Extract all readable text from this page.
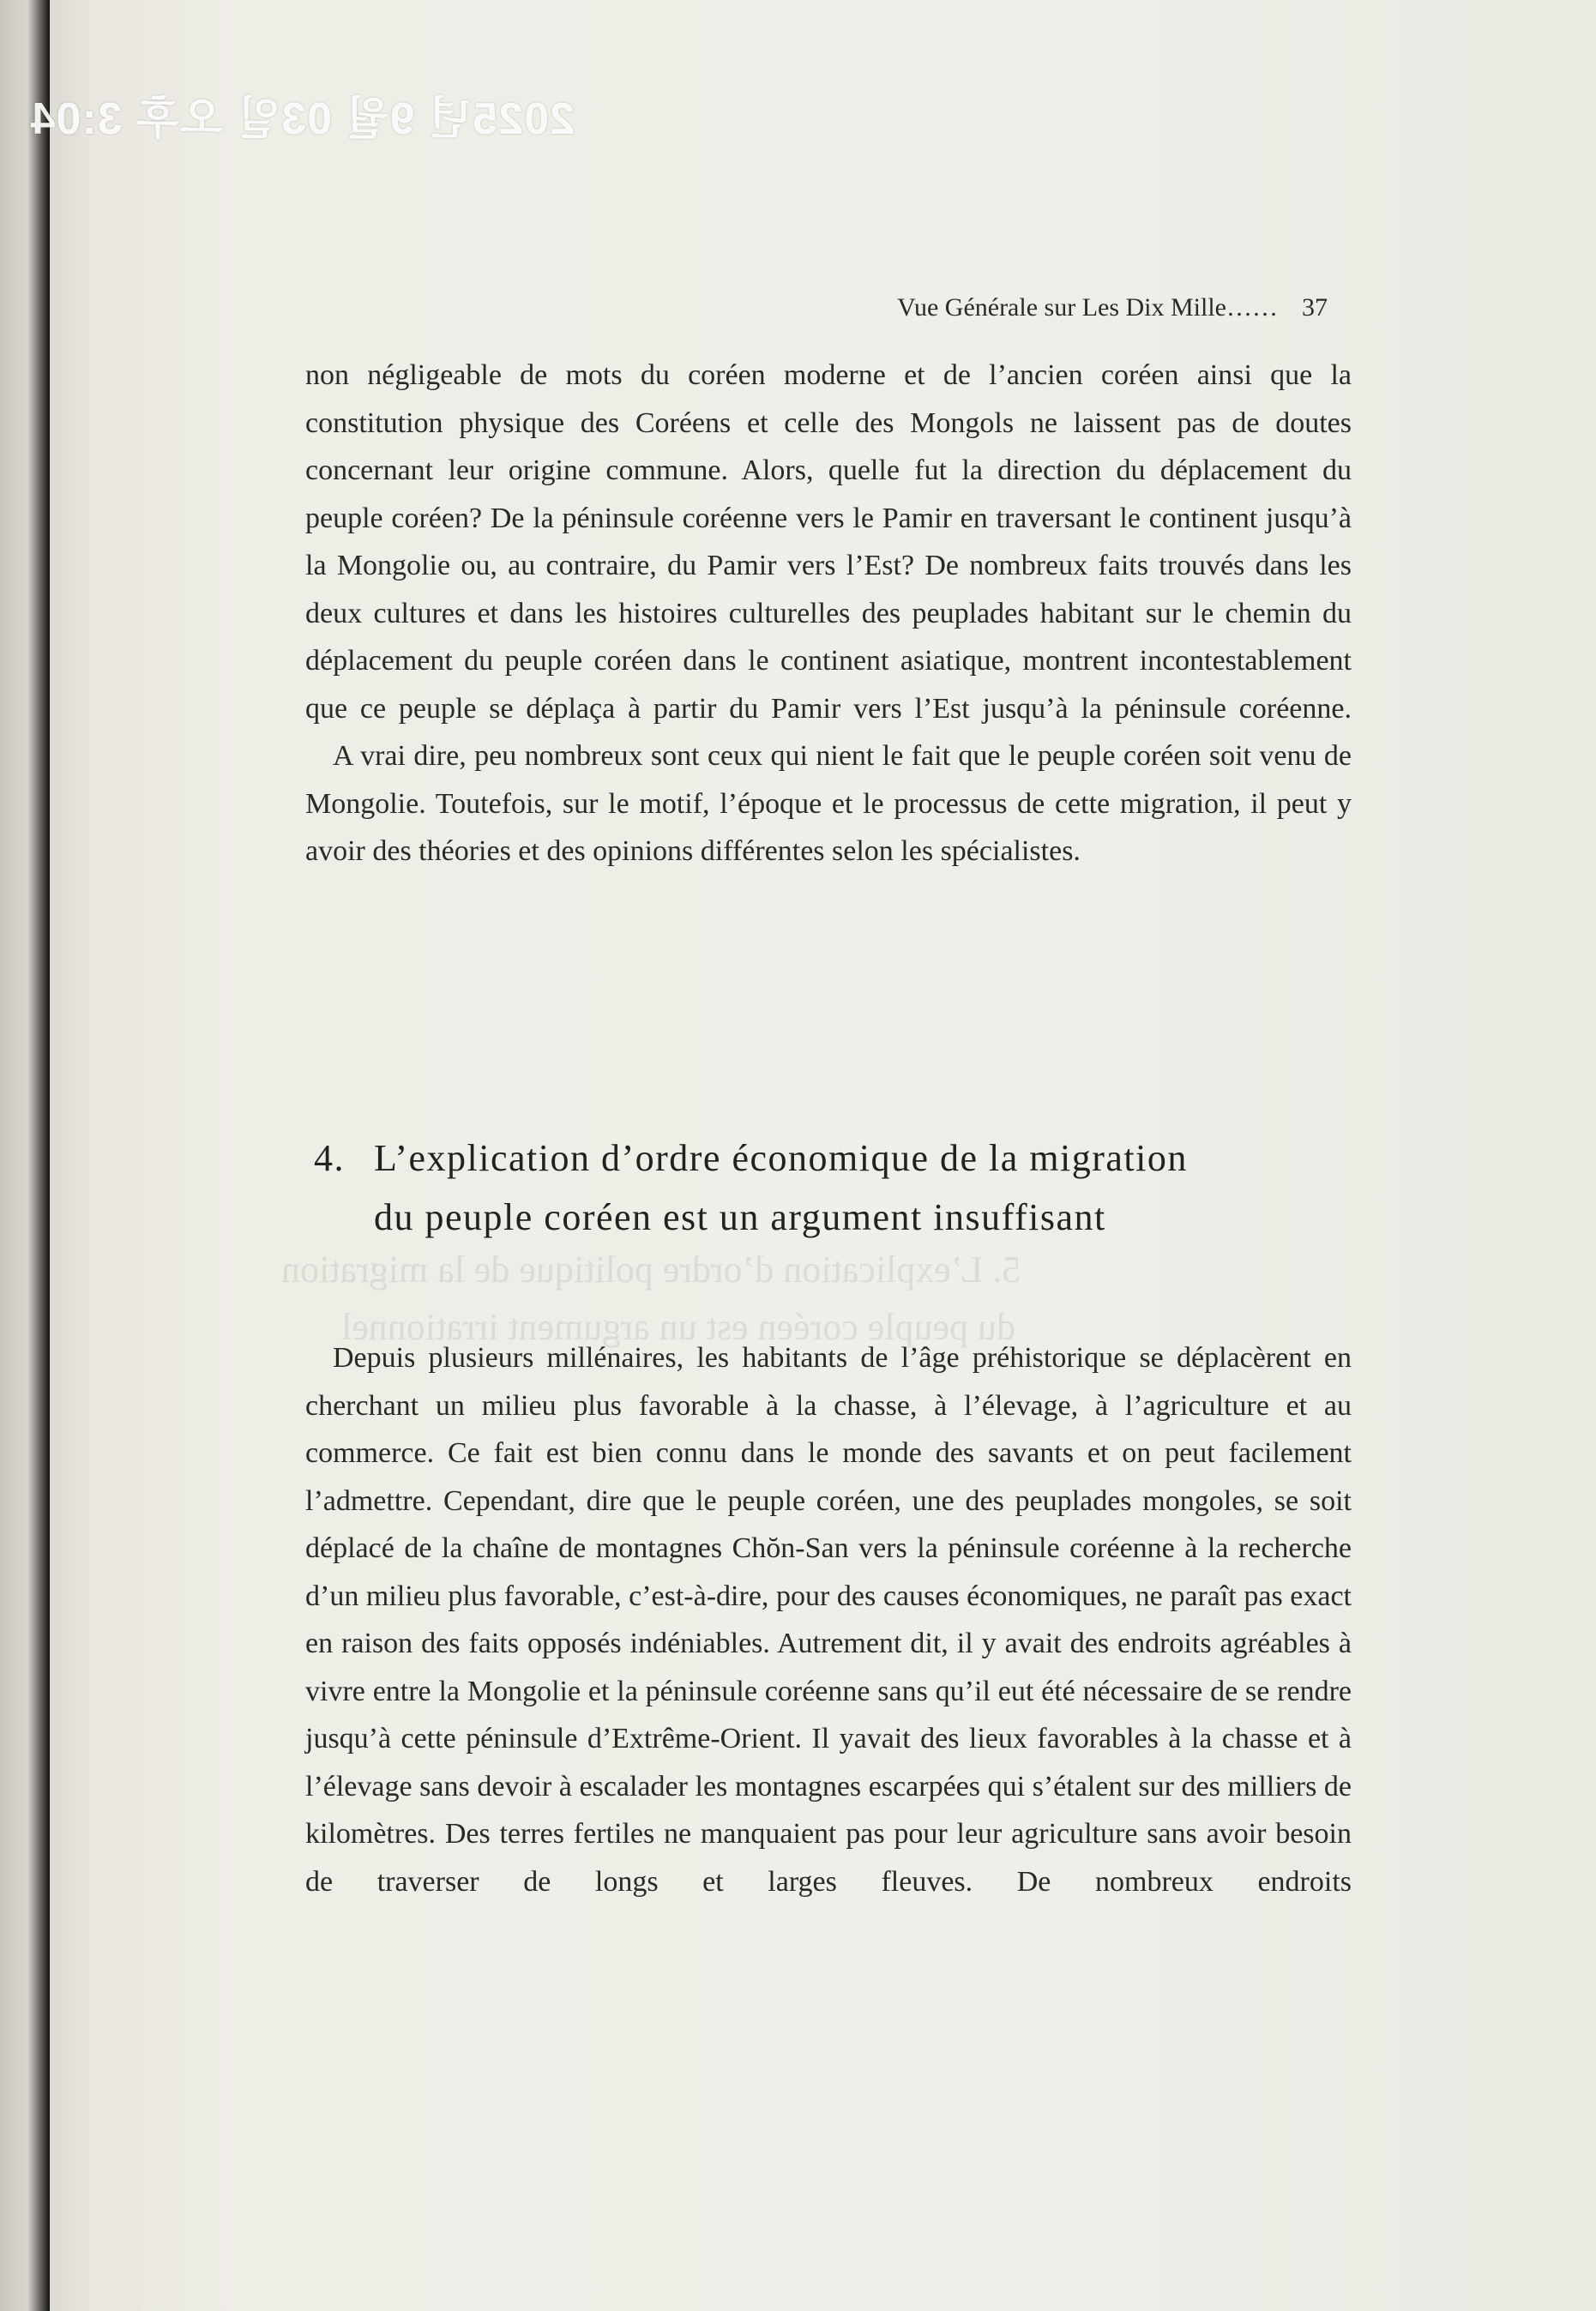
5. L’explication d’ordre politique de la migration
du peuple coréen est un argument irrationnel
Vue Générale sur Les Dix Mille…… 37

non négligeable de mots du coréen moderne et de l’ancien coréen ainsi que la constitution physique des Coréens et celle des Mongols ne laissent pas de doutes concernant leur origine commune. Alors, quelle fut la direction du déplacement du peuple coréen? De la péninsule coréenne vers le Pamir en traversant le continent jusqu’à la Mongolie ou, au contraire, du Pamir vers l’Est? De nombreux faits trouvés dans les deux cultures et dans les histoires culturelles des peuplades habitant sur le chemin du déplacement du peuple coréen dans le continent asiatique, montrent incontestablement que ce peuple se déplaça à partir du Pamir vers l’Est jusqu’à la péninsule coréenne.

A vrai dire, peu nombreux sont ceux qui nient le fait que le peuple coréen soit venu de Mongolie. Toutefois, sur le motif, l’époque et le processus de cette migration, il peut y avoir des théories et des opinions différentes selon les spécialistes.

4. L’explication d’ordre économique de la migration
du peuple coréen est un argument insuffisant

Depuis plusieurs millénaires, les habitants de l’âge préhistorique se déplacèrent en cherchant un milieu plus favorable à la chasse, à l’élevage, à l’agriculture et au commerce. Ce fait est bien connu dans le monde des savants et on peut facilement l’admettre. Cependant, dire que le peuple coréen, une des peuplades mongoles, se soit déplacé de la chaîne de montagnes Chŏn-San vers la péninsule coréenne à la recherche d’un milieu plus favorable, c’est-à-dire, pour des causes économiques, ne paraît pas exact en raison des faits opposés indéniables. Autrement dit, il y avait des endroits agréables à vivre entre la Mongolie et la péninsule coréenne sans qu’il eut été nécessaire de se rendre jusqu’à cette péninsule d’Extrême-Orient. Il yavait des lieux favorables à la chasse et à l’élevage sans devoir à escalader les montagnes escarpées qui s’étalent sur des milliers de kilomètres. Des terres fertiles ne manquaient pas pour leur agriculture sans avoir besoin de traverser de longs et larges fleuves. De nombreux endroits

2025년 9월 03일 오후 3:04
